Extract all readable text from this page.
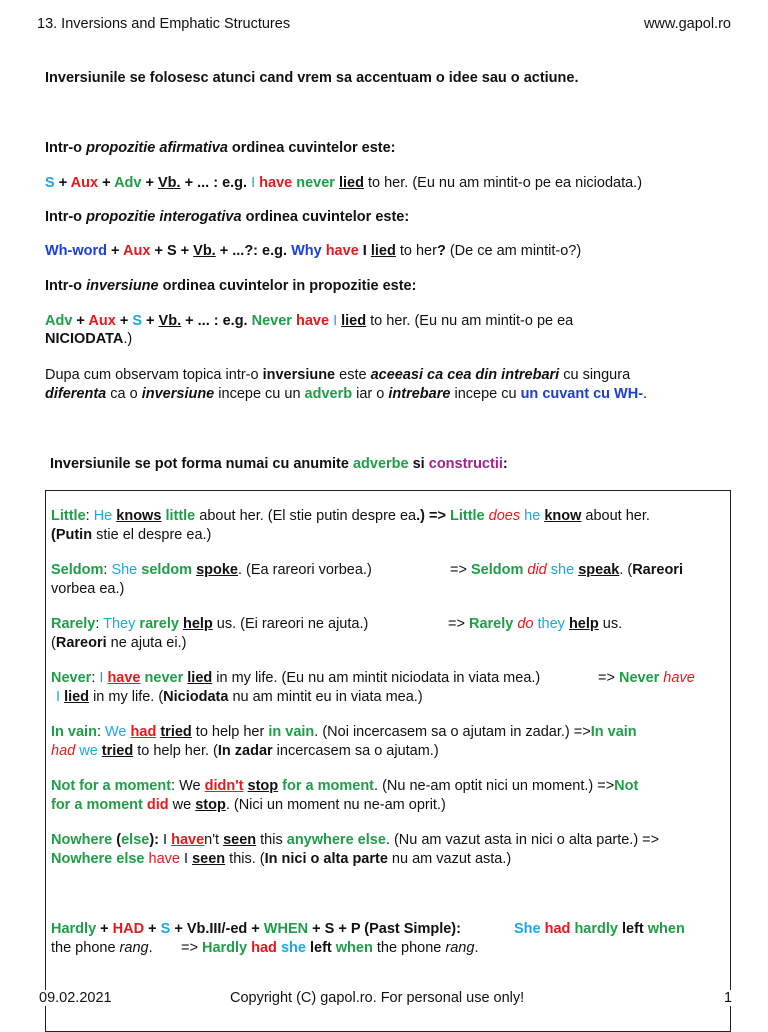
13. Inversions and Emphatic Structures	www.gapol.ro
Inversiunile se folosesc atunci cand vrem sa accentuam o idee sau o actiune.
Intr-o propozitie afirmativa ordinea cuvintelor este:
S + Aux + Adv + Vb. + ... : e.g. I have never lied to her. (Eu nu am mintit-o pe ea niciodata.)
Intr-o propozitie interogativa ordinea cuvintelor este:
Wh-word + Aux + S + Vb. + ...?: e.g. Why have I lied to her? (De ce am mintit-o?)
Intr-o inversiune ordinea cuvintelor in propozitie este:
Adv + Aux + S + Vb. + ... : e.g. Never have I lied to her. (Eu nu am mintit-o pe ea
NICIODATA.)
Dupa cum observam topica intr-o inversiune este aceeasi ca cea din intrebari cu singura
diferenta ca o inversiune incepe cu un adverb iar o intrebare incepe cu un cuvant cu WH-.
Inversiunile se pot forma numai cu anumite adverbe si constructii:
Little: He knows little about her. (El stie putin despre ea.) => Little does he know about her.
(Putin stie el despre ea.)
Seldom: She seldom spoke. (Ea rareori vorbea.)	=> Seldom did she speak. (Rareori
vorbea ea.)
Rarely: They rarely help us. (Ei rareori ne ajuta.)	=> Rarely do they help us.
(Rareori ne ajuta ei.)
Never: I have never lied in my life. (Eu nu am mintit niciodata in viata mea.)	=> Never have
I lied in my life. (Niciodata nu am mintit eu in viata mea.)
In vain: We had tried to help her in vain. (Noi incercasem sa o ajutam in zadar.) =>In vain
had we tried to help her. (In zadar incercasem sa o ajutam.)
Not for a moment: We didn't stop for a moment. (Nu ne-am optit nici un moment.) =>Not
for a moment did we stop. (Nici un moment nu ne-am oprit.)
Nowhere (else): I haven't seen this anywhere else. (Nu am vazut asta in nici o alta parte.) =>
Nowhere else have I seen this. (In nici o alta parte nu am vazut asta.)
Hardly + HAD + S + Vb.III/-ed + WHEN + S + P (Past Simple):	She had hardly left when
the phone rang. => Hardly had she left when the phone rang.
09.02.2021	Copyright (C) gapol.ro. For personal use only!	1
